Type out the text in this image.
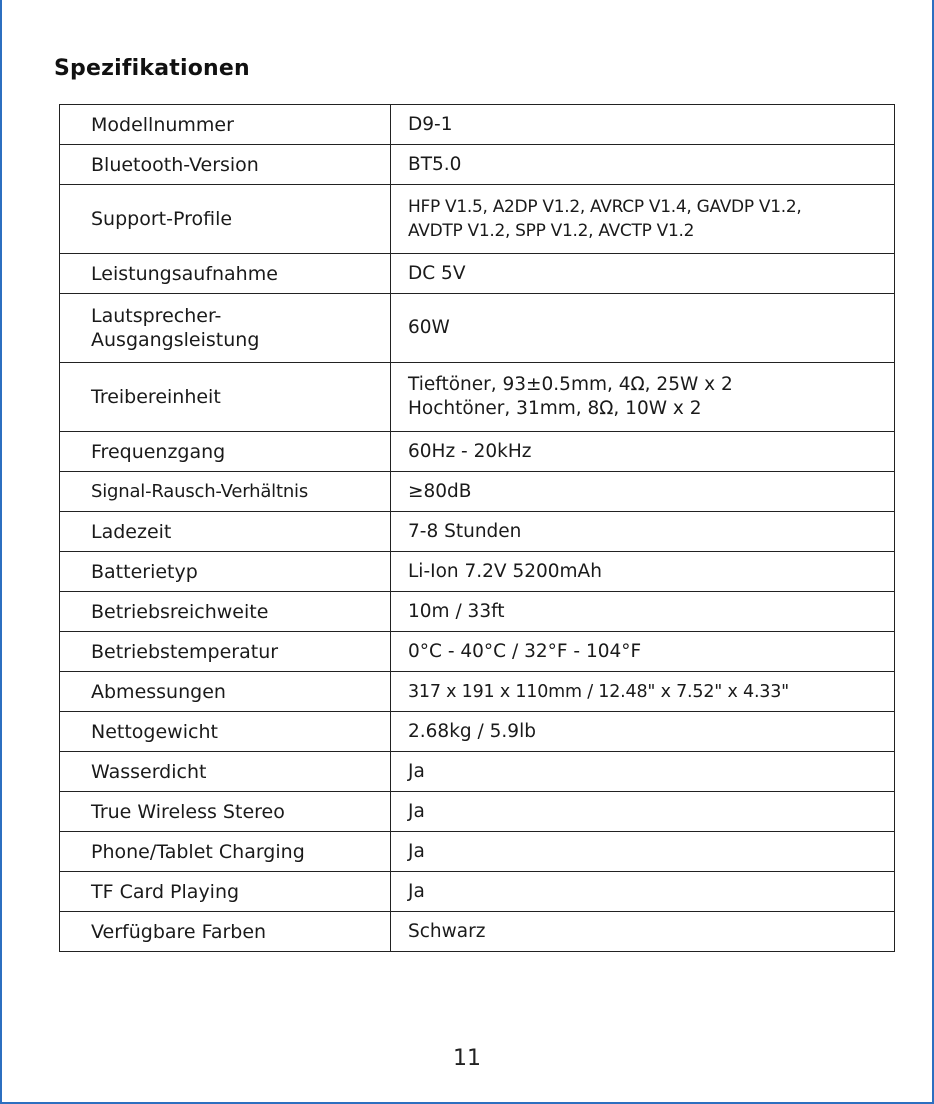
Spezifikationen
Modellnummer	D9-1
Bluetooth-Version	BT5.0
Support-Profile	HFP V1.5, A2DP V1.2, AVRCP V1.4, GAVDP V1.2,
AVDTP V1.2, SPP V1.2, AVCTP V1.2

Leistungsaufnahme	DC 5V

Lautsprecher-
Ausgangsleistung	60W
Treibereinheit	Tieftöner, 93±0.5mm, 4Ω, 25W x 2
Hochtöner, 31mm, 8Ω, 10W x 2

Frequenzgang	60Hz - 20kHz
Signal-Rausch-Verhältnis	≥80dB
Ladezeit	7-8 Stunden
Batterietyp	Li-Ion 7.2V 5200mAh
Betriebsreichweite	10m / 33ft
Betriebstemperatur	0°C - 40°C / 32°F - 104°F
Abmessungen	317 x 191 x 110mm / 12.48" x 7.52" x 4.33"
Nettogewicht	2.68kg / 5.9lb
Wasserdicht	Ja
True Wireless Stereo	Ja
Phone/Tablet Charging	Ja
TF Card Playing	Ja
Verfügbare Farben	Schwarz
11
